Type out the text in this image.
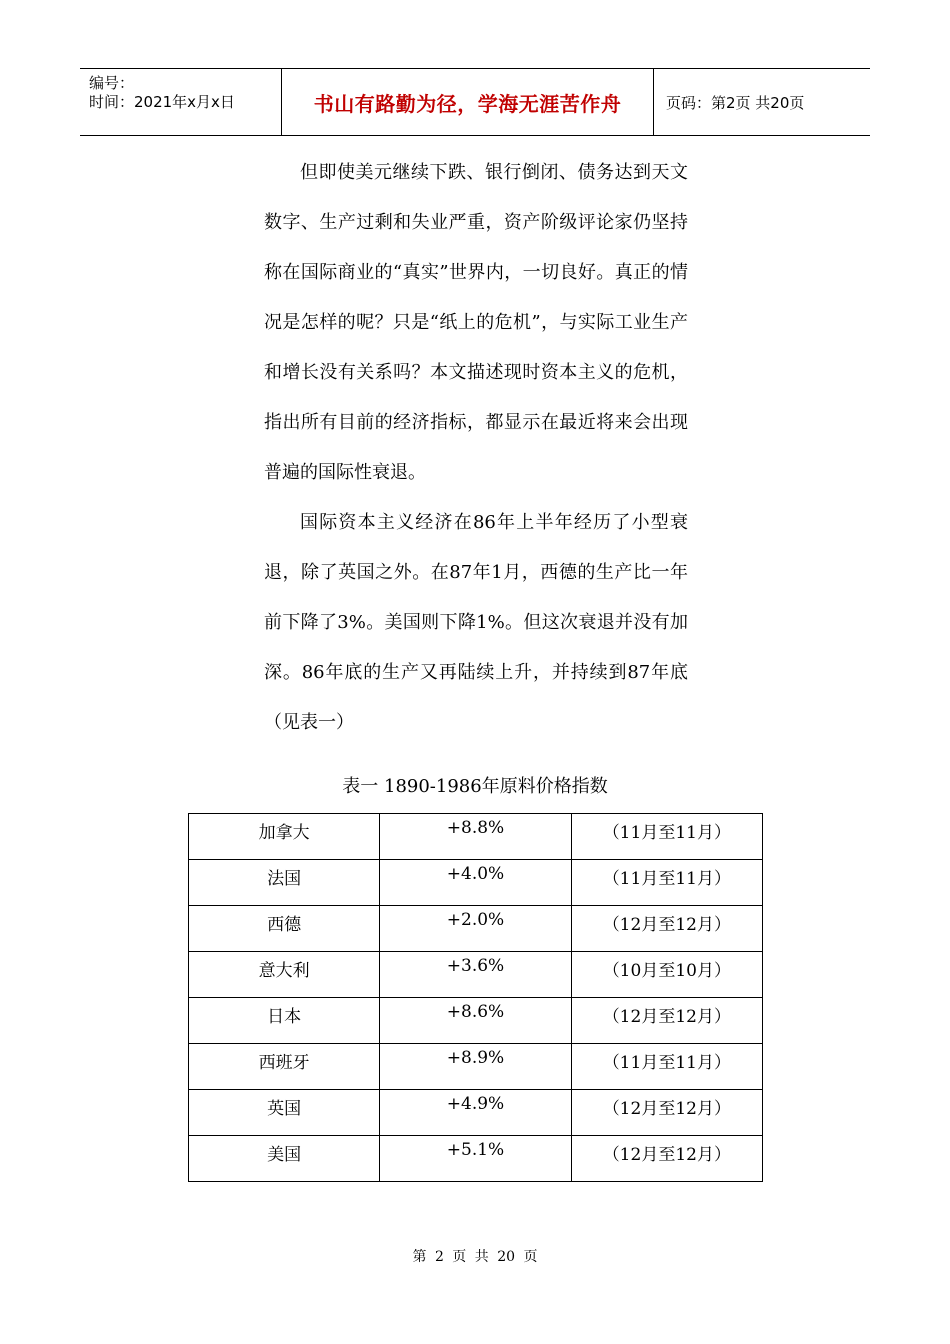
编号：
时间：2021年x月x日	书山有路勤为径，学海无涯苦作舟	页码：第2页 共20页

但即使美元继续下跌、银行倒闭、债务达到天文数字、生产过剩和失业严重，资产阶级评论家仍坚持称在国际商业的“真实”世界内，一切良好。真正的情况是怎样的呢？只是“纸上的危机”，与实际工业生产和增长没有关系吗？本文描述现时资本主义的危机，指出所有目前的经济指标，都显示在最近将来会出现普遍的国际性衰退。

国际资本主义经济在86年上半年经历了小型衰退，除了英国之外。在87年1月，西德的生产比一年前下降了3%。美国则下降1%。但这次衰退并没有加深。86年底的生产又再陆续上升，并持续到87年底（见表一）

表一 1890-1986年原料价格指数
加拿大	+8.8%	（11月至11月）
法国	+4.0%	（11月至11月）
西德	+2.0%	（12月至12月）
意大利	+3.6%	（10月至10月）
日本	+8.6%	（12月至12月）
西班牙	+8.9%	（11月至11月）
英国	+4.9%	（12月至12月）
美国	+5.1%	（12月至12月）
第 2 页 共 20 页
